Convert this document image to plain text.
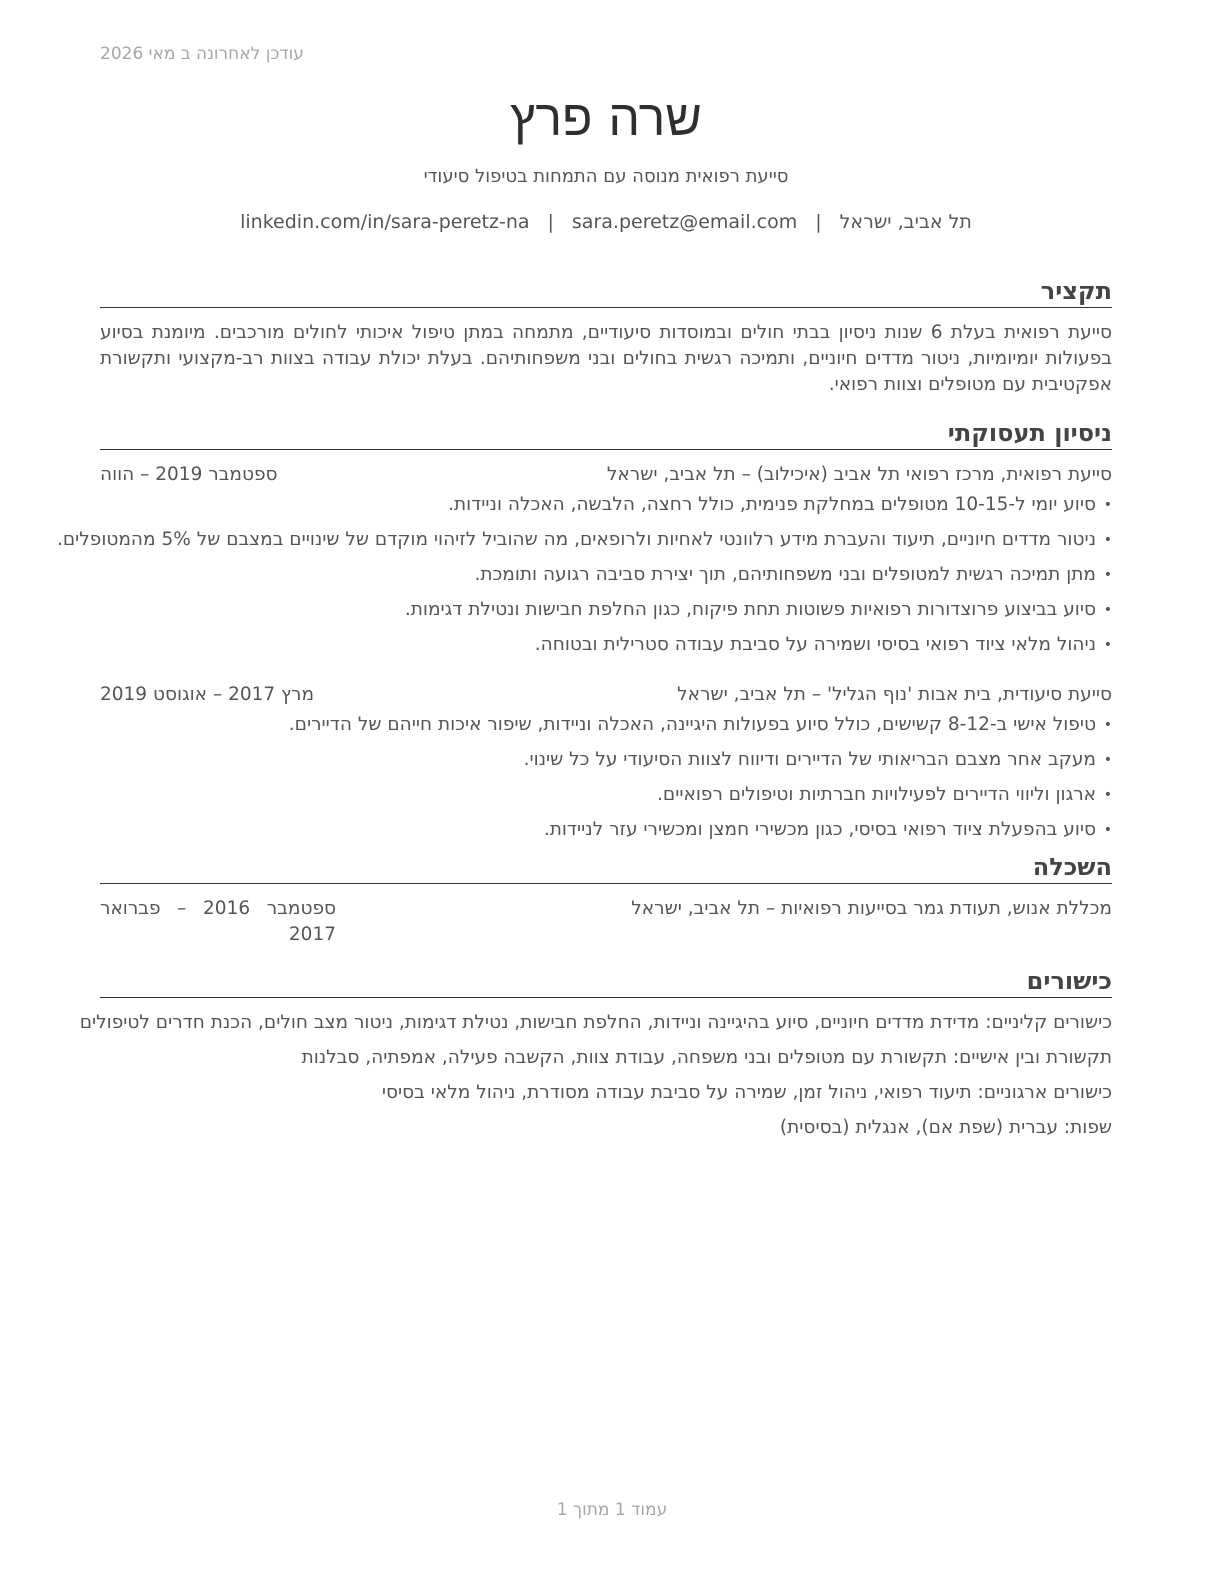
עודכן לאחרונה ב מאי 2026
שרה פרץ
סייעת רפואית מנוסה עם התמחות בטיפול סיעודי
תל אביב, ישראל
|
sara.peretz@email.com
|
linkedin.com/in/sara-peretz-na
תקציר

סייעת רפואית בעלת 6 שנות ניסיון בבתי חולים ובמוסדות סיעודיים, מתמחה במתן טיפול איכותי לחולים מורכבים. מיומנת בסיוע בפעולות יומיומיות, ניטור מדדים חיוניים, ותמיכה רגשית בחולים ובני משפחותיהם. בעלת יכולת עבודה בצוות רב-מקצועי ותקשורת אפקטיבית עם מטופלים וצוות רפואי.

ניסיון תעסוקתי
סייעת רפואית, מרכז רפואי תל אביב (איכילוב) – תל אביב, ישראל
ספטמבר 2019 – הווה
• סיוע יומי ל-10-15 מטופלים במחלקת פנימית, כולל רחצה, הלבשה, האכלה וניידות.
• ניטור מדדים חיוניים, תיעוד והעברת מידע רלוונטי לאחיות ולרופאים, מה שהוביל לזיהוי מוקדם של שינויים במצבם של 5% מהמטופלים.
• מתן תמיכה רגשית למטופלים ובני משפחותיהם, תוך יצירת סביבה רגועה ותומכת.
• סיוע בביצוע פרוצדורות רפואיות פשוטות תחת פיקוח, כגון החלפת חבישות ונטילת דגימות.
• ניהול מלאי ציוד רפואי בסיסי ושמירה על סביבת עבודה סטרילית ובטוחה.
סייעת סיעודית, בית אבות 'נוף הגליל' – תל אביב, ישראל
מרץ 2017 – אוגוסט 2019
• טיפול אישי ב-8-12 קשישים, כולל סיוע בפעולות היגיינה, האכלה וניידות, שיפור איכות חייהם של הדיירים.
• מעקב אחר מצבם הבריאותי של הדיירים ודיווח לצוות הסיעודי על כל שינוי.
• ארגון וליווי הדיירים לפעילויות חברתיות וטיפולים רפואיים.
• סיוע בהפעלת ציוד רפואי בסיסי, כגון מכשירי חמצן ומכשירי עזר לניידות.
השכלה
מכללת אנוש, תעודת גמר בסייעות רפואיות – תל אביב, ישראל
ספטמבר 2016 – פברואר 2017
כישורים
כישורים קליניים: מדידת מדדים חיוניים, סיוע בהיגיינה וניידות, החלפת חבישות, נטילת דגימות, ניטור מצב חולים, הכנת חדרים לטיפולים
תקשורת ובין אישיים: תקשורת עם מטופלים ובני משפחה, עבודת צוות, הקשבה פעילה, אמפתיה, סבלנות
כישורים ארגוניים: תיעוד רפואי, ניהול זמן, שמירה על סביבת עבודה מסודרת, ניהול מלאי בסיסי
שפות: עברית (שפת אם), אנגלית (בסיסית)
עמוד 1 מתוך 1
